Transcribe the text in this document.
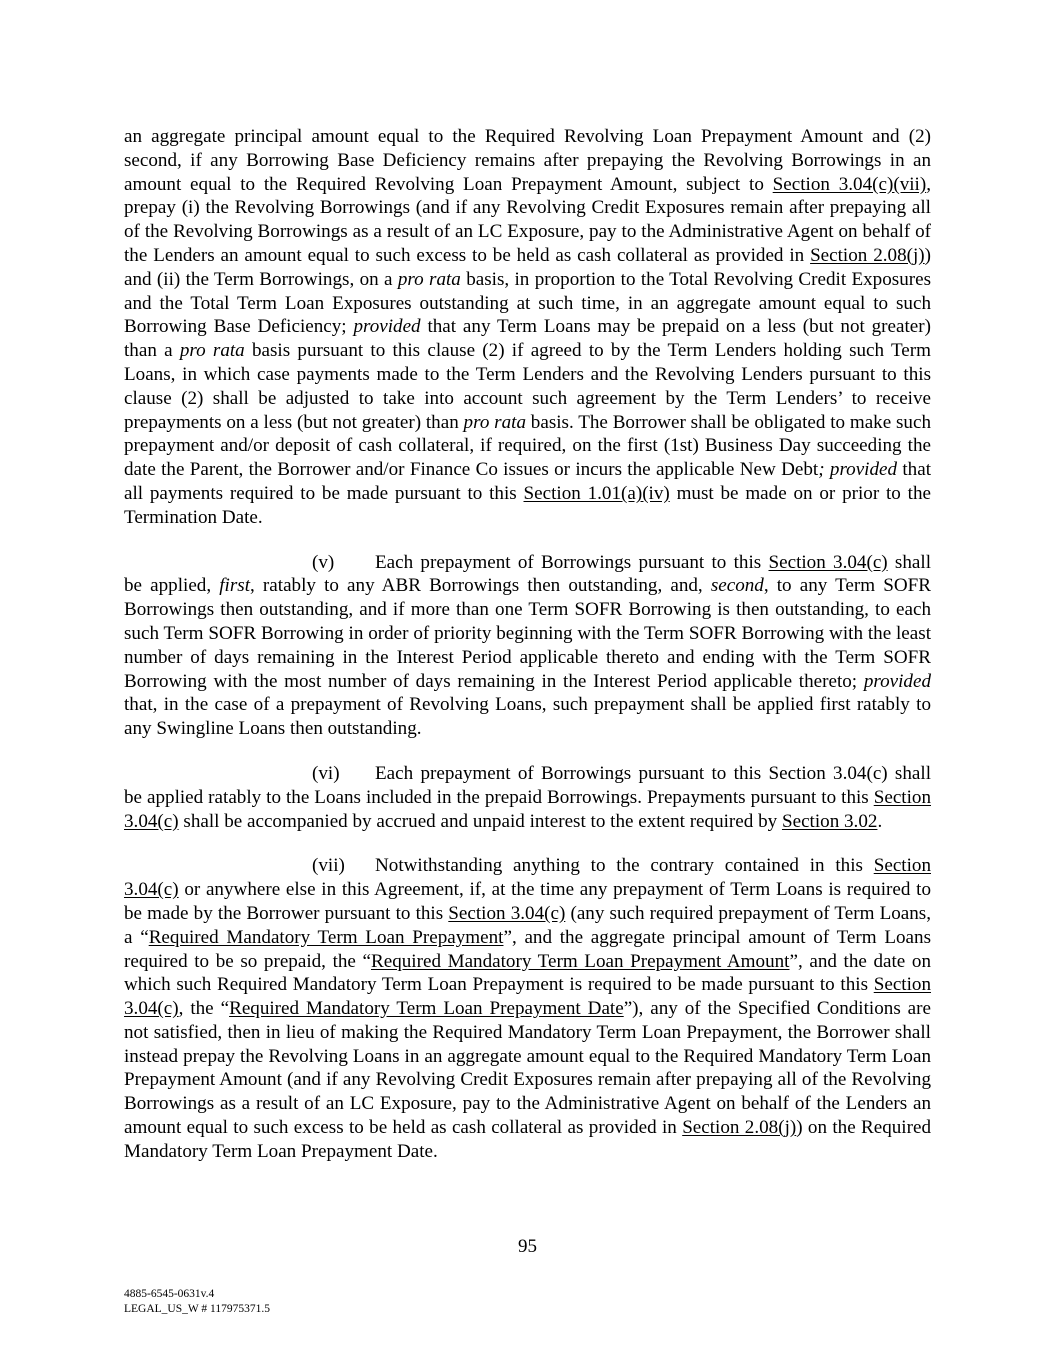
an aggregate principal amount equal to the Required Revolving Loan Prepayment Amount and (2) second, if any Borrowing Base Deficiency remains after prepaying the Revolving Borrowings in an amount equal to the Required Revolving Loan Prepayment Amount, subject to Section 3.04(c)(vii), prepay (i) the Revolving Borrowings (and if any Revolving Credit Exposures remain after prepaying all of the Revolving Borrowings as a result of an LC Exposure, pay to the Administrative Agent on behalf of the Lenders an amount equal to such excess to be held as cash collateral as provided in Section 2.08(j)) and (ii) the Term Borrowings, on a pro rata basis, in proportion to the Total Revolving Credit Exposures and the Total Term Loan Exposures outstanding at such time, in an aggregate amount equal to such Borrowing Base Deficiency; provided that any Term Loans may be prepaid on a less (but not greater) than a pro rata basis pursuant to this clause (2) if agreed to by the Term Lenders holding such Term Loans, in which case payments made to the Term Lenders and the Revolving Lenders pursuant to this clause (2) shall be adjusted to take into account such agreement by the Term Lenders’ to receive prepayments on a less (but not greater) than pro rata basis. The Borrower shall be obligated to make such prepayment and/or deposit of cash collateral, if required, on the first (1st) Business Day succeeding the date the Parent, the Borrower and/or Finance Co issues or incurs the applicable New Debt; provided that all payments required to be made pursuant to this Section 1.01(a)(iv) must be made on or prior to the Termination Date.

(v) Each prepayment of Borrowings pursuant to this Section 3.04(c) shall be applied, first, ratably to any ABR Borrowings then outstanding, and, second, to any Term SOFR Borrowings then outstanding, and if more than one Term SOFR Borrowing is then outstanding, to each such Term SOFR Borrowing in order of priority beginning with the Term SOFR Borrowing with the least number of days remaining in the Interest Period applicable thereto and ending with the Term SOFR Borrowing with the most number of days remaining in the Interest Period applicable thereto; provided that, in the case of a prepayment of Revolving Loans, such prepayment shall be applied first ratably to any Swingline Loans then outstanding.

(vi) Each prepayment of Borrowings pursuant to this Section 3.04(c) shall be applied ratably to the Loans included in the prepaid Borrowings. Prepayments pursuant to this Section 3.04(c) shall be accompanied by accrued and unpaid interest to the extent required by Section 3.02.

(vii) Notwithstanding anything to the contrary contained in this Section 3.04(c) or anywhere else in this Agreement, if, at the time any prepayment of Term Loans is required to be made by the Borrower pursuant to this Section 3.04(c) (any such required prepayment of Term Loans, a “Required Mandatory Term Loan Prepayment”, and the aggregate principal amount of Term Loans required to be so prepaid, the “Required Mandatory Term Loan Prepayment Amount”, and the date on which such Required Mandatory Term Loan Prepayment is required to be made pursuant to this Section 3.04(c), the “Required Mandatory Term Loan Prepayment Date”), any of the Specified Conditions are not satisfied, then in lieu of making the Required Mandatory Term Loan Prepayment, the Borrower shall instead prepay the Revolving Loans in an aggregate amount equal to the Required Mandatory Term Loan Prepayment Amount (and if any Revolving Credit Exposures remain after prepaying all of the Revolving Borrowings as a result of an LC Exposure, pay to the Administrative Agent on behalf of the Lenders an amount equal to such excess to be held as cash collateral as provided in Section 2.08(j)) on the Required Mandatory Term Loan Prepayment Date.

95
4885-6545-0631v.4
LEGAL_US_W # 117975371.5
